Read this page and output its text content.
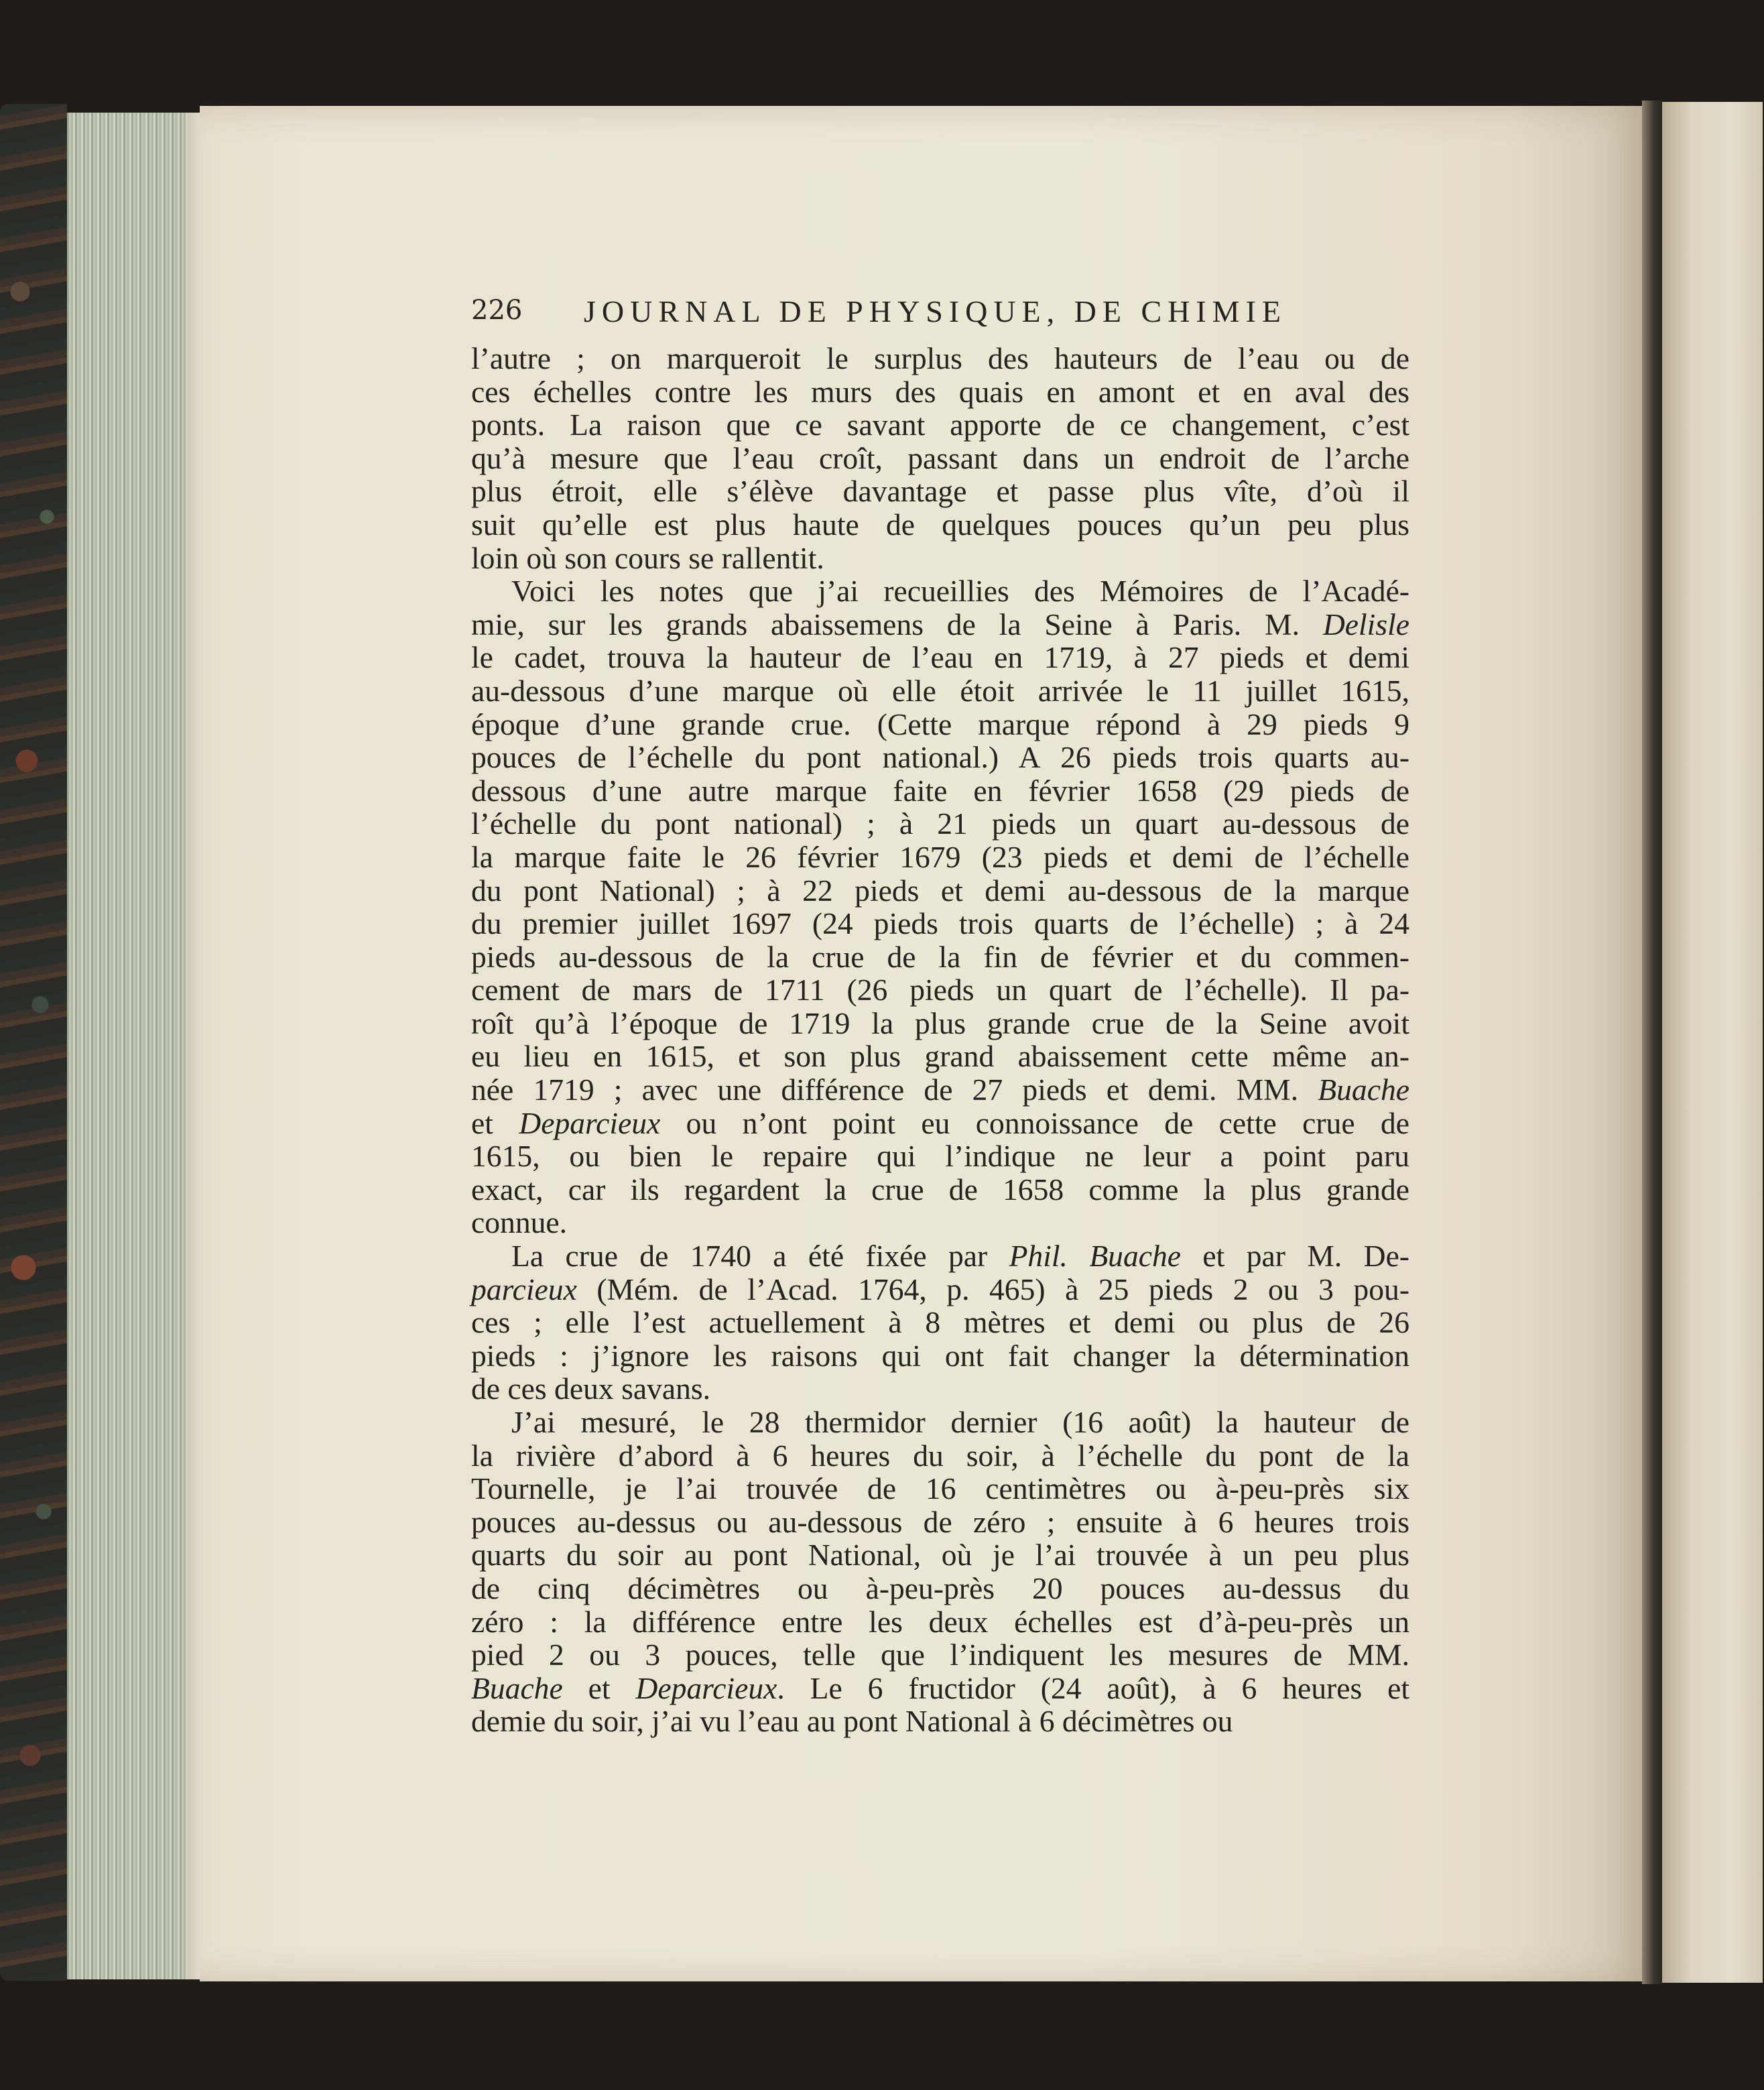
226 JOURNAL DE PHYSIQUE, DE CHIMIE
l’autre ; on marqueroit le surplus des hauteurs de l’eau ou de
ces échelles contre les murs des quais en amont et en aval des
ponts. La raison que ce savant apporte de ce changement, c’est
qu’à mesure que l’eau croît, passant dans un endroit de l’arche
plus étroit, elle s’élève davantage et passe plus vîte, d’où il
suit qu’elle est plus haute de quelques pouces qu’un peu plus
loin où son cours se rallentit.
Voici les notes que j’ai recueillies des Mémoires de l’Acadé-
mie, sur les grands abaissemens de la Seine à Paris. M. Delisle
le cadet, trouva la hauteur de l’eau en 1719, à 27 pieds et demi
au-dessous d’une marque où elle étoit arrivée le 11 juillet 1615,
époque d’une grande crue. (Cette marque répond à 29 pieds 9
pouces de l’échelle du pont national.) A 26 pieds trois quarts au-
dessous d’une autre marque faite en février 1658 (29 pieds de
l’échelle du pont national) ; à 21 pieds un quart au-dessous de
la marque faite le 26 février 1679 (23 pieds et demi de l’échelle
du pont National) ; à 22 pieds et demi au-dessous de la marque
du premier juillet 1697 (24 pieds trois quarts de l’échelle) ; à 24
pieds au-dessous de la crue de la fin de février et du commen-
cement de mars de 1711 (26 pieds un quart de l’échelle). Il pa-
roît qu’à l’époque de 1719 la plus grande crue de la Seine avoit
eu lieu en 1615, et son plus grand abaissement cette même an-
née 1719 ; avec une différence de 27 pieds et demi. MM. Buache
et Deparcieux ou n’ont point eu connoissance de cette crue de
1615, ou bien le repaire qui l’indique ne leur a point paru
exact, car ils regardent la crue de 1658 comme la plus grande
connue.
La crue de 1740 a été fixée par Phil. Buache et par M. De-
parcieux (Mém. de l’Acad. 1764, p. 465) à 25 pieds 2 ou 3 pou-
ces ; elle l’est actuellement à 8 mètres et demi ou plus de 26
pieds : j’ignore les raisons qui ont fait changer la détermination
de ces deux savans.
J’ai mesuré, le 28 thermidor dernier (16 août) la hauteur de
la rivière d’abord à 6 heures du soir, à l’échelle du pont de la
Tournelle, je l’ai trouvée de 16 centimètres ou à-peu-près six
pouces au-dessus ou au-dessous de zéro ; ensuite à 6 heures trois
quarts du soir au pont National, où je l’ai trouvée à un peu plus
de cinq décimètres ou à-peu-près 20 pouces au-dessus du
zéro : la différence entre les deux échelles est d’à-peu-près un
pied 2 ou 3 pouces, telle que l’indiquent les mesures de MM.
Buache et Deparcieux. Le 6 fructidor (24 août), à 6 heures et
demie du soir, j’ai vu l’eau au pont National à 6 décimètres ou
